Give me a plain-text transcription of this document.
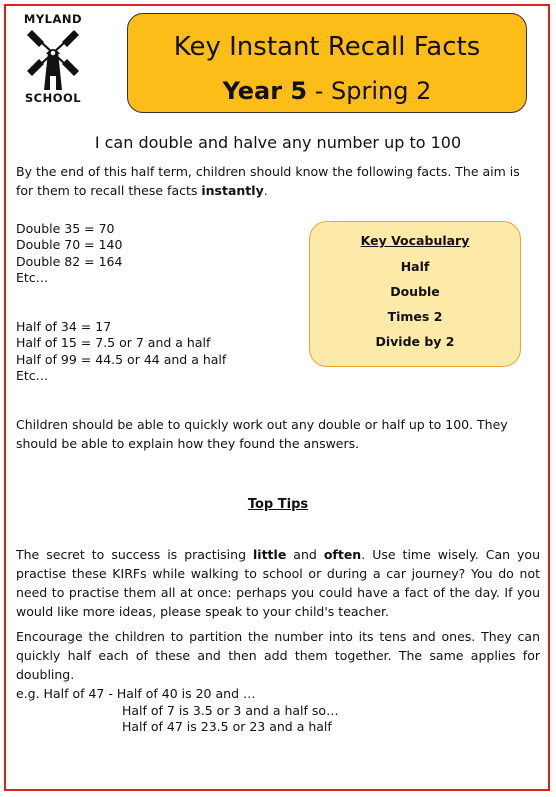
MYLAND
SCHOOL
Key Instant Recall Facts
Year 5 - Spring 2
I can double and halve any number up to 100
By the end of this half term, children should know the following facts. The aim is for them to recall these facts instantly.
Double 35 = 70
Double 70 = 140
Double 82 = 164
Etc…
Half of 34 = 17
Half of 15 = 7.5 or 7 and a half
Half of 99 = 44.5 or 44 and a half
Etc…
Key Vocabulary
Half
Double
Times 2
Divide by 2
Children should be able to quickly work out any double or half up to 100. They should be able to explain how they found the answers.
Top Tips
The secret to success is practising little and often. Use time wisely. Can you practise these KIRFs while walking to school or during a car journey? You do not need to practise them all at once: perhaps you could have a fact of the day. If you would like more ideas, please speak to your child's teacher.
Encourage the children to partition the number into its tens and ones. They can quickly half each of these and then add them together. The same applies for doubling.
e.g. Half of 47 - Half of 40 is 20 and …
Half of 7 is 3.5 or 3 and a half so…
Half of 47 is 23.5 or 23 and a half
